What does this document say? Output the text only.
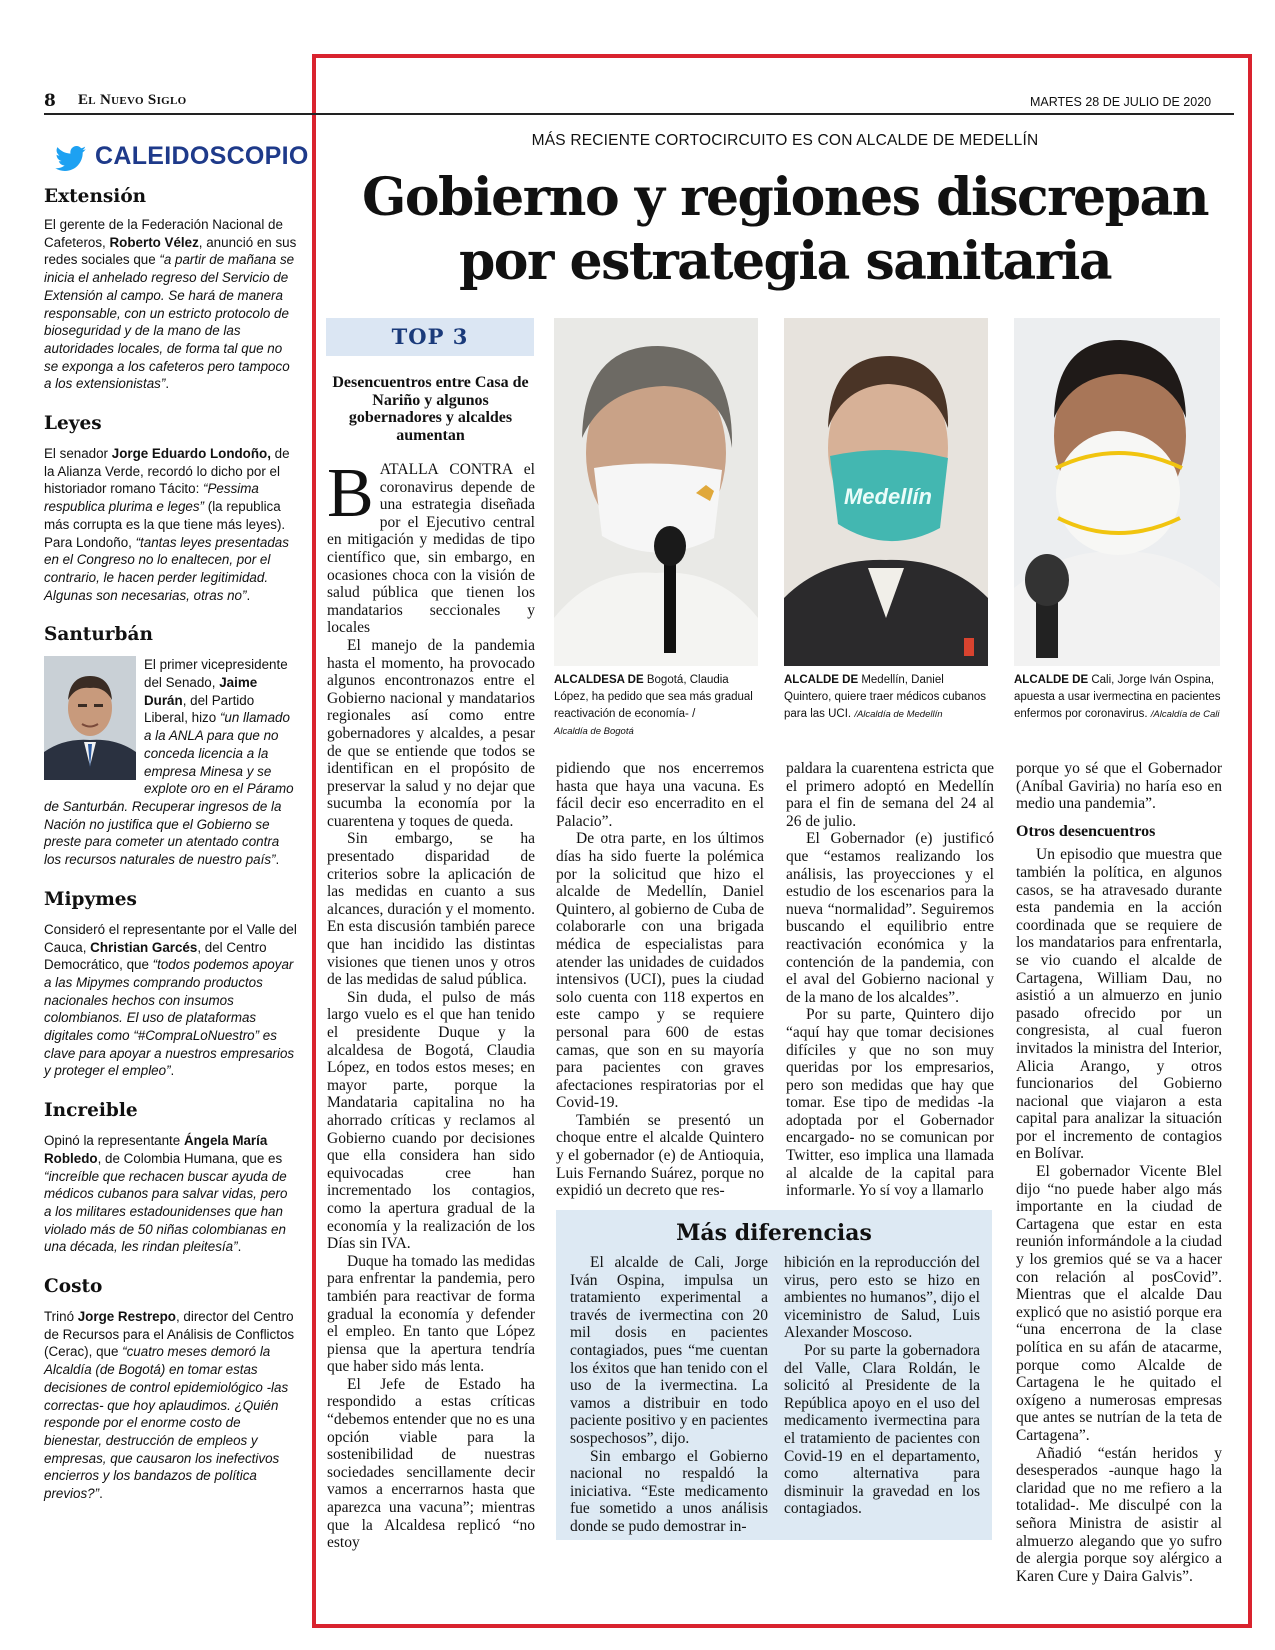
8 El Nuevo Siglo	MARTES 28 DE JULIO DE 2020
CALEIDOSCOPIO
Extensión
El gerente de la Federación Nacional de Cafeteros, Roberto Vélez, anunció en sus redes sociales que “a partir de mañana se inicia el anhelado regreso del Servicio de Extensión al campo. Se hará de manera responsable, con un estricto protocolo de bioseguridad y de la mano de las autoridades locales, de forma tal que no se exponga a los cafeteros pero tampoco a los extensionistas”.
Leyes
El senador Jorge Eduardo Londoño, de la Alianza Verde, recordó lo dicho por el historiador romano Tácito: “Pessima respublica plurima e leges” (la republica más corrupta es la que tiene más leyes). Para Londoño, “tantas leyes presentadas en el Congreso no lo enaltecen, por el contrario, le hacen perder legitimidad. Algunas son necesarias, otras no”.
Santurbán
El primer vicepresidente del Senado, Jaime Durán, del Partido Liberal, hizo “un llamado a la ANLA para que no conceda licencia a la empresa Minesa y se explote oro en el Páramo de Santurbán. Recuperar ingresos de la Nación no justifica que el Gobierno se preste para cometer un atentado contra los recursos naturales de nuestro país”.
Mipymes
Consideró el representante por el Valle del Cauca, Christian Garcés, del Centro Democrático, que “todos podemos apoyar a las Mipymes comprando productos nacionales hechos con insumos colombianos. El uso de plataformas digitales como “#CompraLoNuestro” es clave para apoyar a nuestros empresarios y proteger el empleo”.
Increible
Opinó la representante Ángela María Robledo, de Colombia Humana, que es “increíble que rechacen buscar ayuda de médicos cubanos para salvar vidas, pero a los militares estadounidenses que han violado más de 50 niñas colombianas en una década, les rindan pleitesía”.
Costo
Trinó Jorge Restrepo, director del Centro de Recursos para el Análisis de Conflictos (Cerac), que “cuatro meses demoró la Alcaldía (de Bogotá) en tomar estas decisiones de control epidemiológico -las correctas- que hoy aplaudimos. ¿Quién responde por el enorme costo de bienestar, destrucción de empleos y empresas, que causaron los inefectivos encierros y los bandazos de política previos?”.
MÁS RECIENTE CORTOCIRCUITO ES CON ALCALDE DE MEDELLÍN
Gobierno y regiones discrepan
por estrategia sanitaria
TOP 3
Desencuentros entre Casa de Nariño y algunos gobernadores y alcaldes aumentan
B ATALLA CONTRA el coronavirus depende de una estrategia diseñada por el Ejecutivo central en mitigación y medidas de tipo científico que, sin embargo, en ocasiones choca con la visión de salud pública que tienen los mandatarios seccionales y locales

El manejo de la pandemia hasta el momento, ha provocado algunos encontronazos entre el Gobierno nacional y mandatarios regionales así como entre gobernadores y alcaldes, a pesar de que se entiende que todos se identifican en el propósito de preservar la salud y no dejar que sucumba la economía por la cuarentena y toques de queda.

Sin embargo, se ha presentado disparidad de criterios sobre la aplicación de las medidas en cuanto a sus alcances, duración y el momento. En esta discusión también parece que han incidido las distintas visiones que tienen unos y otros de las medidas de salud pública.

Sin duda, el pulso de más largo vuelo es el que han tenido el presidente Duque y la alcaldesa de Bogotá, Claudia López, en todos estos meses; en mayor parte, porque la Mandataria capitalina no ha ahorrado críticas y reclamos al Gobierno cuando por decisiones que ella considera han sido equivocadas cree han incrementado los contagios, como la apertura gradual de la economía y la realización de los Días sin IVA.

Duque ha tomado las medidas para enfrentar la pandemia, pero también para reactivar de forma gradual la economía y defender el empleo. En tanto que López piensa que la apertura tendría que haber sido más lenta.

El Jefe de Estado ha respondido a estas críticas “debemos entender que no es una opción viable para la sostenibilidad de nuestras sociedades sencillamente decir vamos a encerrarnos hasta que aparezca una vacuna”; mientras que la Alcaldesa replicó “no estoy

Medellín
ALCALDESA DE Bogotá, Claudia López, ha pedido que sea más gradual reactivación de economía- /
Alcaldía de Bogotá
ALCALDE DE Medellín, Daniel Quintero, quiere traer médicos cubanos para las UCI. /Alcaldía de Medellín
ALCALDE DE Cali, Jorge Iván Ospina, apuesta a usar ivermectina en pacientes enfermos por coronavirus. /Alcaldía de Cali

pidiendo que nos encerremos hasta que haya una vacuna. Es fácil decir eso encerradito en el Palacio”.

De otra parte, en los últimos días ha sido fuerte la polémica por la solicitud que hizo el alcalde de Medellín, Daniel Quintero, al gobierno de Cuba de colaborarle con una brigada médica de especialistas para atender las unidades de cuidados intensivos (UCI), pues la ciudad solo cuenta con 118 expertos en este campo y se requiere personal para 600 de estas camas, que son en su mayoría para pacientes con graves afectaciones respiratorias por el Covid-19.

También se presentó un choque entre el alcalde Quintero y el gobernador (e) de Antioquia, Luis Fernando Suárez, porque no expidió un decreto que res-

paldara la cuarentena estricta que el primero adoptó en Medellín para el fin de semana del 24 al 26 de julio.

El Gobernador (e) justificó que “estamos realizando los análisis, las proyecciones y el estudio de los escenarios para la nueva “normalidad”. Seguiremos buscando el equilibrio entre reactivación económica y la contención de la pandemia, con el aval del Gobierno nacional y de la mano de los alcaldes”.

Por su parte, Quintero dijo “aquí hay que tomar decisiones difíciles y que no son muy queridas por los empresarios, pero son medidas que hay que tomar. Ese tipo de medidas -la adoptada por el Gobernador encargado- no se comunican por Twitter, eso implica una llamada al alcalde de la capital para informarle. Yo sí voy a llamarlo

porque yo sé que el Gobernador (Aníbal Gaviria) no haría eso en medio una pandemia”.

Otros desencuentros

Un episodio que muestra que también la política, en algunos casos, se ha atravesado durante esta pandemia en la acción coordinada que se requiere de los mandatarios para enfrentarla, se vio cuando el alcalde de Cartagena, William Dau, no asistió a un almuerzo en junio pasado ofrecido por un congresista, al cual fueron invitados la ministra del Interior, Alicia Arango, y otros funcionarios del Gobierno nacional que viajaron a esta capital para analizar la situación por el incremento de contagios en Bolívar.

El gobernador Vicente Blel dijo “no puede haber algo más importante en la ciudad de Cartagena que estar en esta reunión informándole a la ciudad y los gremios qué se va a hacer con relación al posCovid”. Mientras que el alcalde Dau explicó que no asistió porque era “una encerrona de la clase política en su afán de atacarme, porque como Alcalde de Cartagena le he quitado el oxígeno a numerosas empresas que antes se nutrían de la teta de Cartagena”.

Añadió “están heridos y desesperados -aunque hago la claridad que no me refiero a la totalidad-. Me disculpé con la señora Ministra de asistir al almuerzo alegando que yo sufro de alergia porque soy alérgico a Karen Cure y Daira Galvis”.

Más diferencias

El alcalde de Cali, Jorge Iván Ospina, impulsa un tratamiento experimental a través de ivermectina con 20 mil dosis en pacientes contagiados, pues “me cuentan los éxitos que han tenido con el uso de la ivermectina. La vamos a distribuir en todo paciente positivo y en pacientes sospechosos”, dijo.

Sin embargo el Gobierno nacional no respaldó la iniciativa. “Este medicamento fue sometido a unos análisis donde se pudo demostrar in-

hibición en la reproducción del virus, pero esto se hizo en ambientes no humanos”, dijo el viceministro de Salud, Luis Alexander Moscoso.

Por su parte la gobernadora del Valle, Clara Roldán, le solicitó al Presidente de la República apoyo en el uso del medicamento ivermectina para el tratamiento de pacientes con Covid-19 en el departamento, como alternativa para disminuir la gravedad en los contagiados.
